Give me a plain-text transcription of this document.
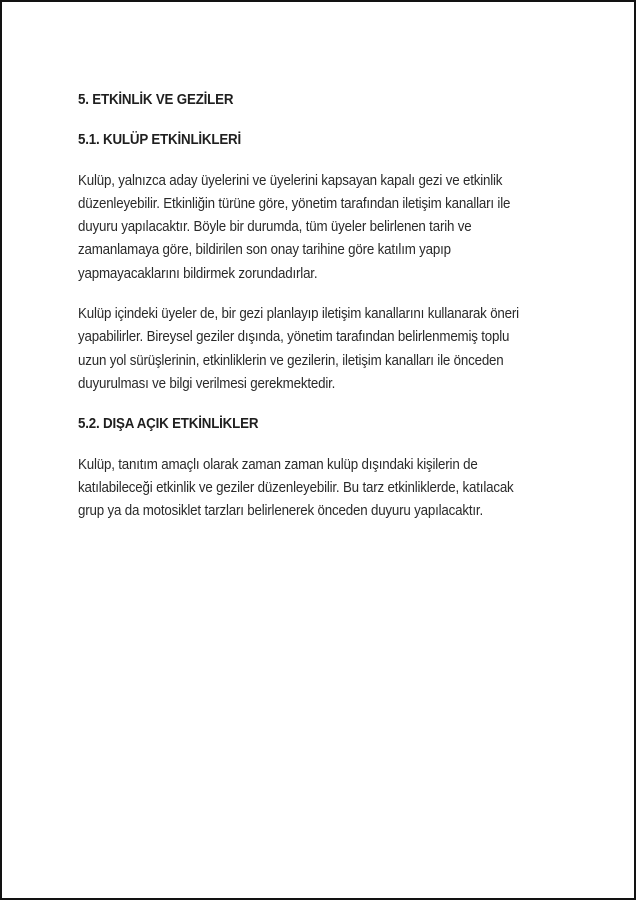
5. ETKİNLİK VE GEZİLER
5.1. KULÜP ETKİNLİKLERİ
Kulüp, yalnızca aday üyelerini ve üyelerini kapsayan kapalı gezi ve etkinlik
düzenleyebilir. Etkinliğin türüne göre, yönetim tarafından iletişim kanalları ile
duyuru yapılacaktır. Böyle bir durumda, tüm üyeler belirlenen tarih ve
zamanlamaya göre, bildirilen son onay tarihine göre katılım yapıp
yapmayacaklarını bildirmek zorundadırlar.
Kulüp içindeki üyeler de, bir gezi planlayıp iletişim kanallarını kullanarak öneri
yapabilirler. Bireysel geziler dışında, yönetim tarafından belirlenmemiş toplu
uzun yol sürüşlerinin, etkinliklerin ve gezilerin, iletişim kanalları ile önceden
duyurulması ve bilgi verilmesi gerekmektedir.
5.2. DIŞA AÇIK ETKİNLİKLER
Kulüp, tanıtım amaçlı olarak zaman zaman kulüp dışındaki kişilerin de
katılabileceği etkinlik ve geziler düzenleyebilir. Bu tarz etkinliklerde, katılacak
grup ya da motosiklet tarzları belirlenerek önceden duyuru yapılacaktır.
